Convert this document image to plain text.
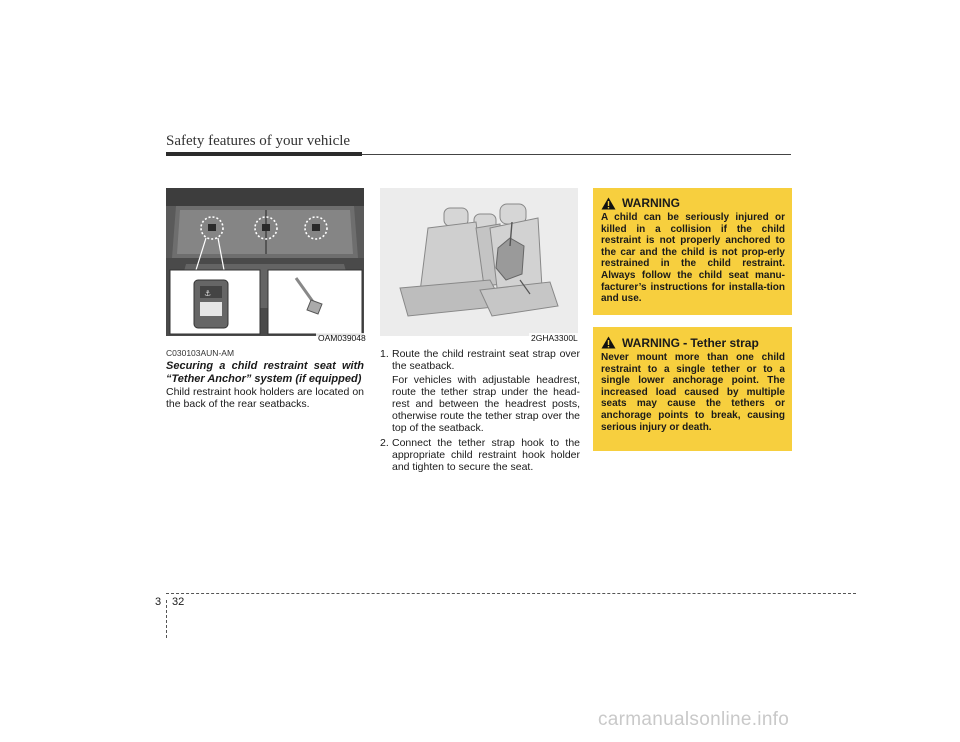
Safety features of your vehicle
⚓
OAM039048	2GHA3300L
C030103AUN-AM
Securing a child restraint seat with “Tether Anchor” system (if equipped)
Child restraint hook holders are located on the back of the rear seatbacks.
1. Route the child restraint seat strap over the seatback.
For vehicles with adjustable headrest, route the tether strap under the head-rest and between the headrest posts, otherwise route the tether strap over the top of the seatback.
2. Connect the tether strap hook to the appropriate child restraint hook holder and tighten to secure the seat.
WARNING
A child can be seriously injured or killed in a collision if the child restraint is not properly anchored to the car and the child is not prop-erly restrained in the child restraint. Always follow the child seat manu-facturer’s instructions for installa-tion and use.
WARNING - Tether strap
Never mount more than one child restraint to a single tether or to a single lower anchorage point. The increased load caused by multiple seats may cause the tethers or anchorage points to break, causing serious injury or death.
3 32
carmanualsonline.info
